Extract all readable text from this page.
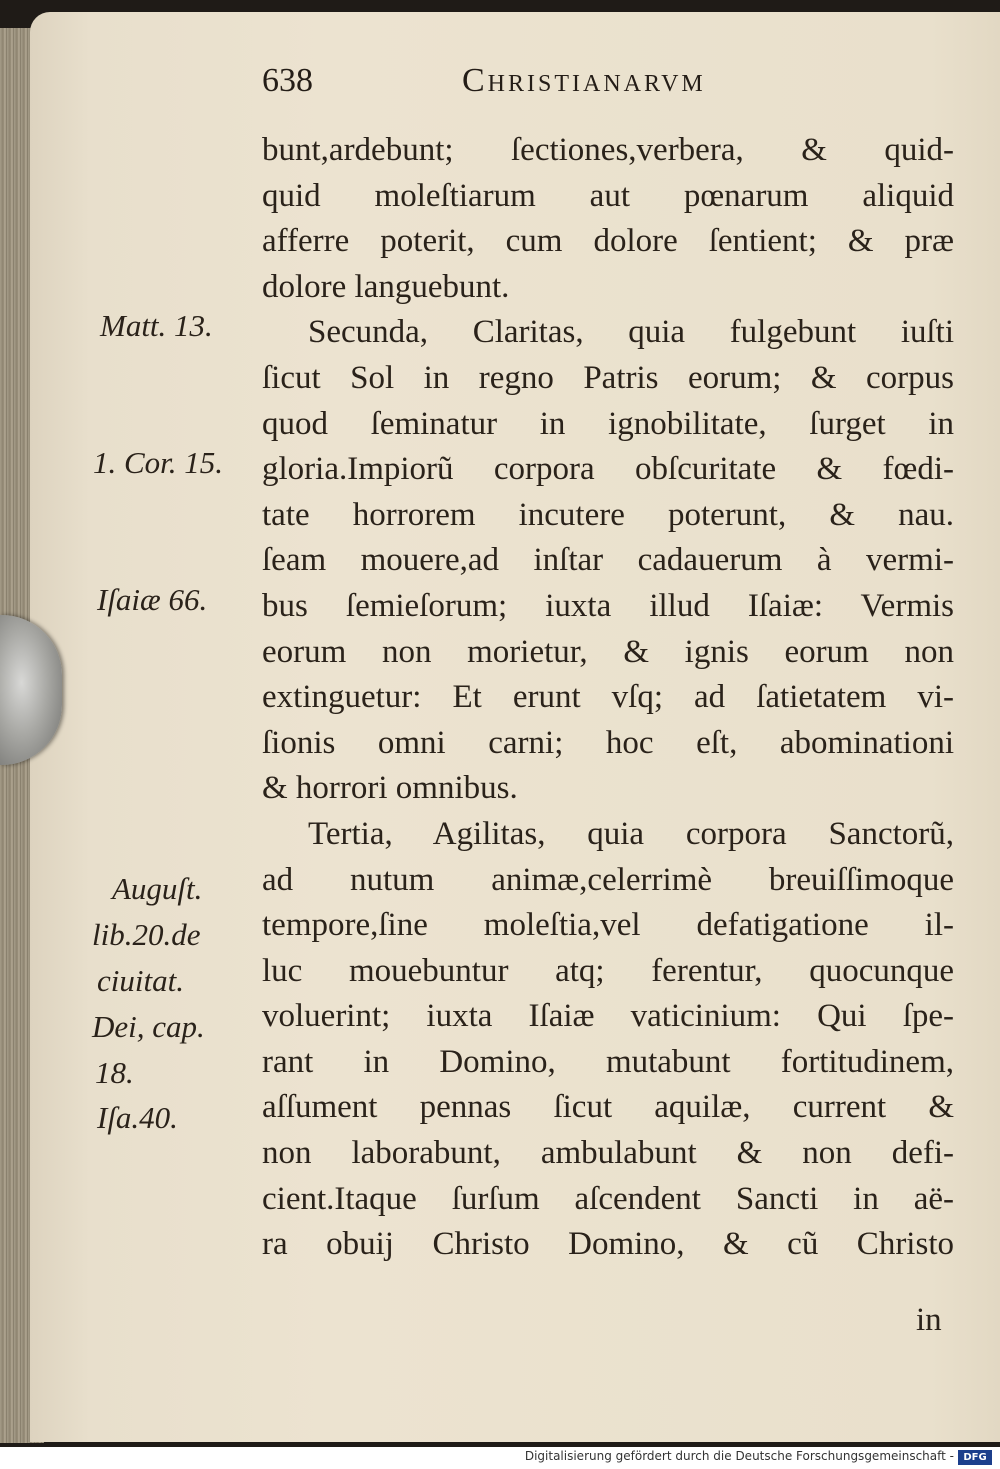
638	Christianarvm
bunt,ardebunt; ſectiones,verbera, & quid-
quid moleſtiarum aut pœnarum aliquid
afferre poterit, cum dolore ſentient; & præ
dolore languebunt.
Secunda, Claritas, quia fulgebunt iuſti
ſicut Sol in regno Patris eorum; & corpus
quod ſeminatur in ignobilitate, ſurget in
gloria.Impiorũ corpora obſcuritate & fœdi-
tate horrorem incutere poterunt, & nau.
ſeam mouere,ad inſtar cadauerum à vermi-
bus ſemieſorum; iuxta illud Iſaiæ: Vermis
eorum non morietur, & ignis eorum non
extinguetur: Et erunt vſq; ad ſatietatem vi-
ſionis omni carni; hoc eſt, abominationi
& horrori omnibus.
Tertia, Agilitas, quia corpora Sanctorũ,
ad nutum animæ,celerrimè breuiſſimoque
tempore,ſine moleſtia,vel defatigatione il-
luc mouebuntur atq; ferentur, quocunque
voluerint; iuxta Iſaiæ vaticinium: Qui ſpe-
rant in Domino, mutabunt fortitudinem,
aſſument pennas ſicut aquilæ, current &
non laborabunt, ambulabunt & non defi-
cient.Itaque ſurſum aſcendent Sancti in aë-
ra obuij Christo Domino, & cũ Christo
in
Matt. 13.
1. Cor. 15.
Iſaiæ 66.
Auguſt.
lib.20.de
ciuitat.
Dei, cap.
18.
Iſa.40.
Digitalisierung gefördert durch die Deutsche Forschungsgemeinschaft - DFG
